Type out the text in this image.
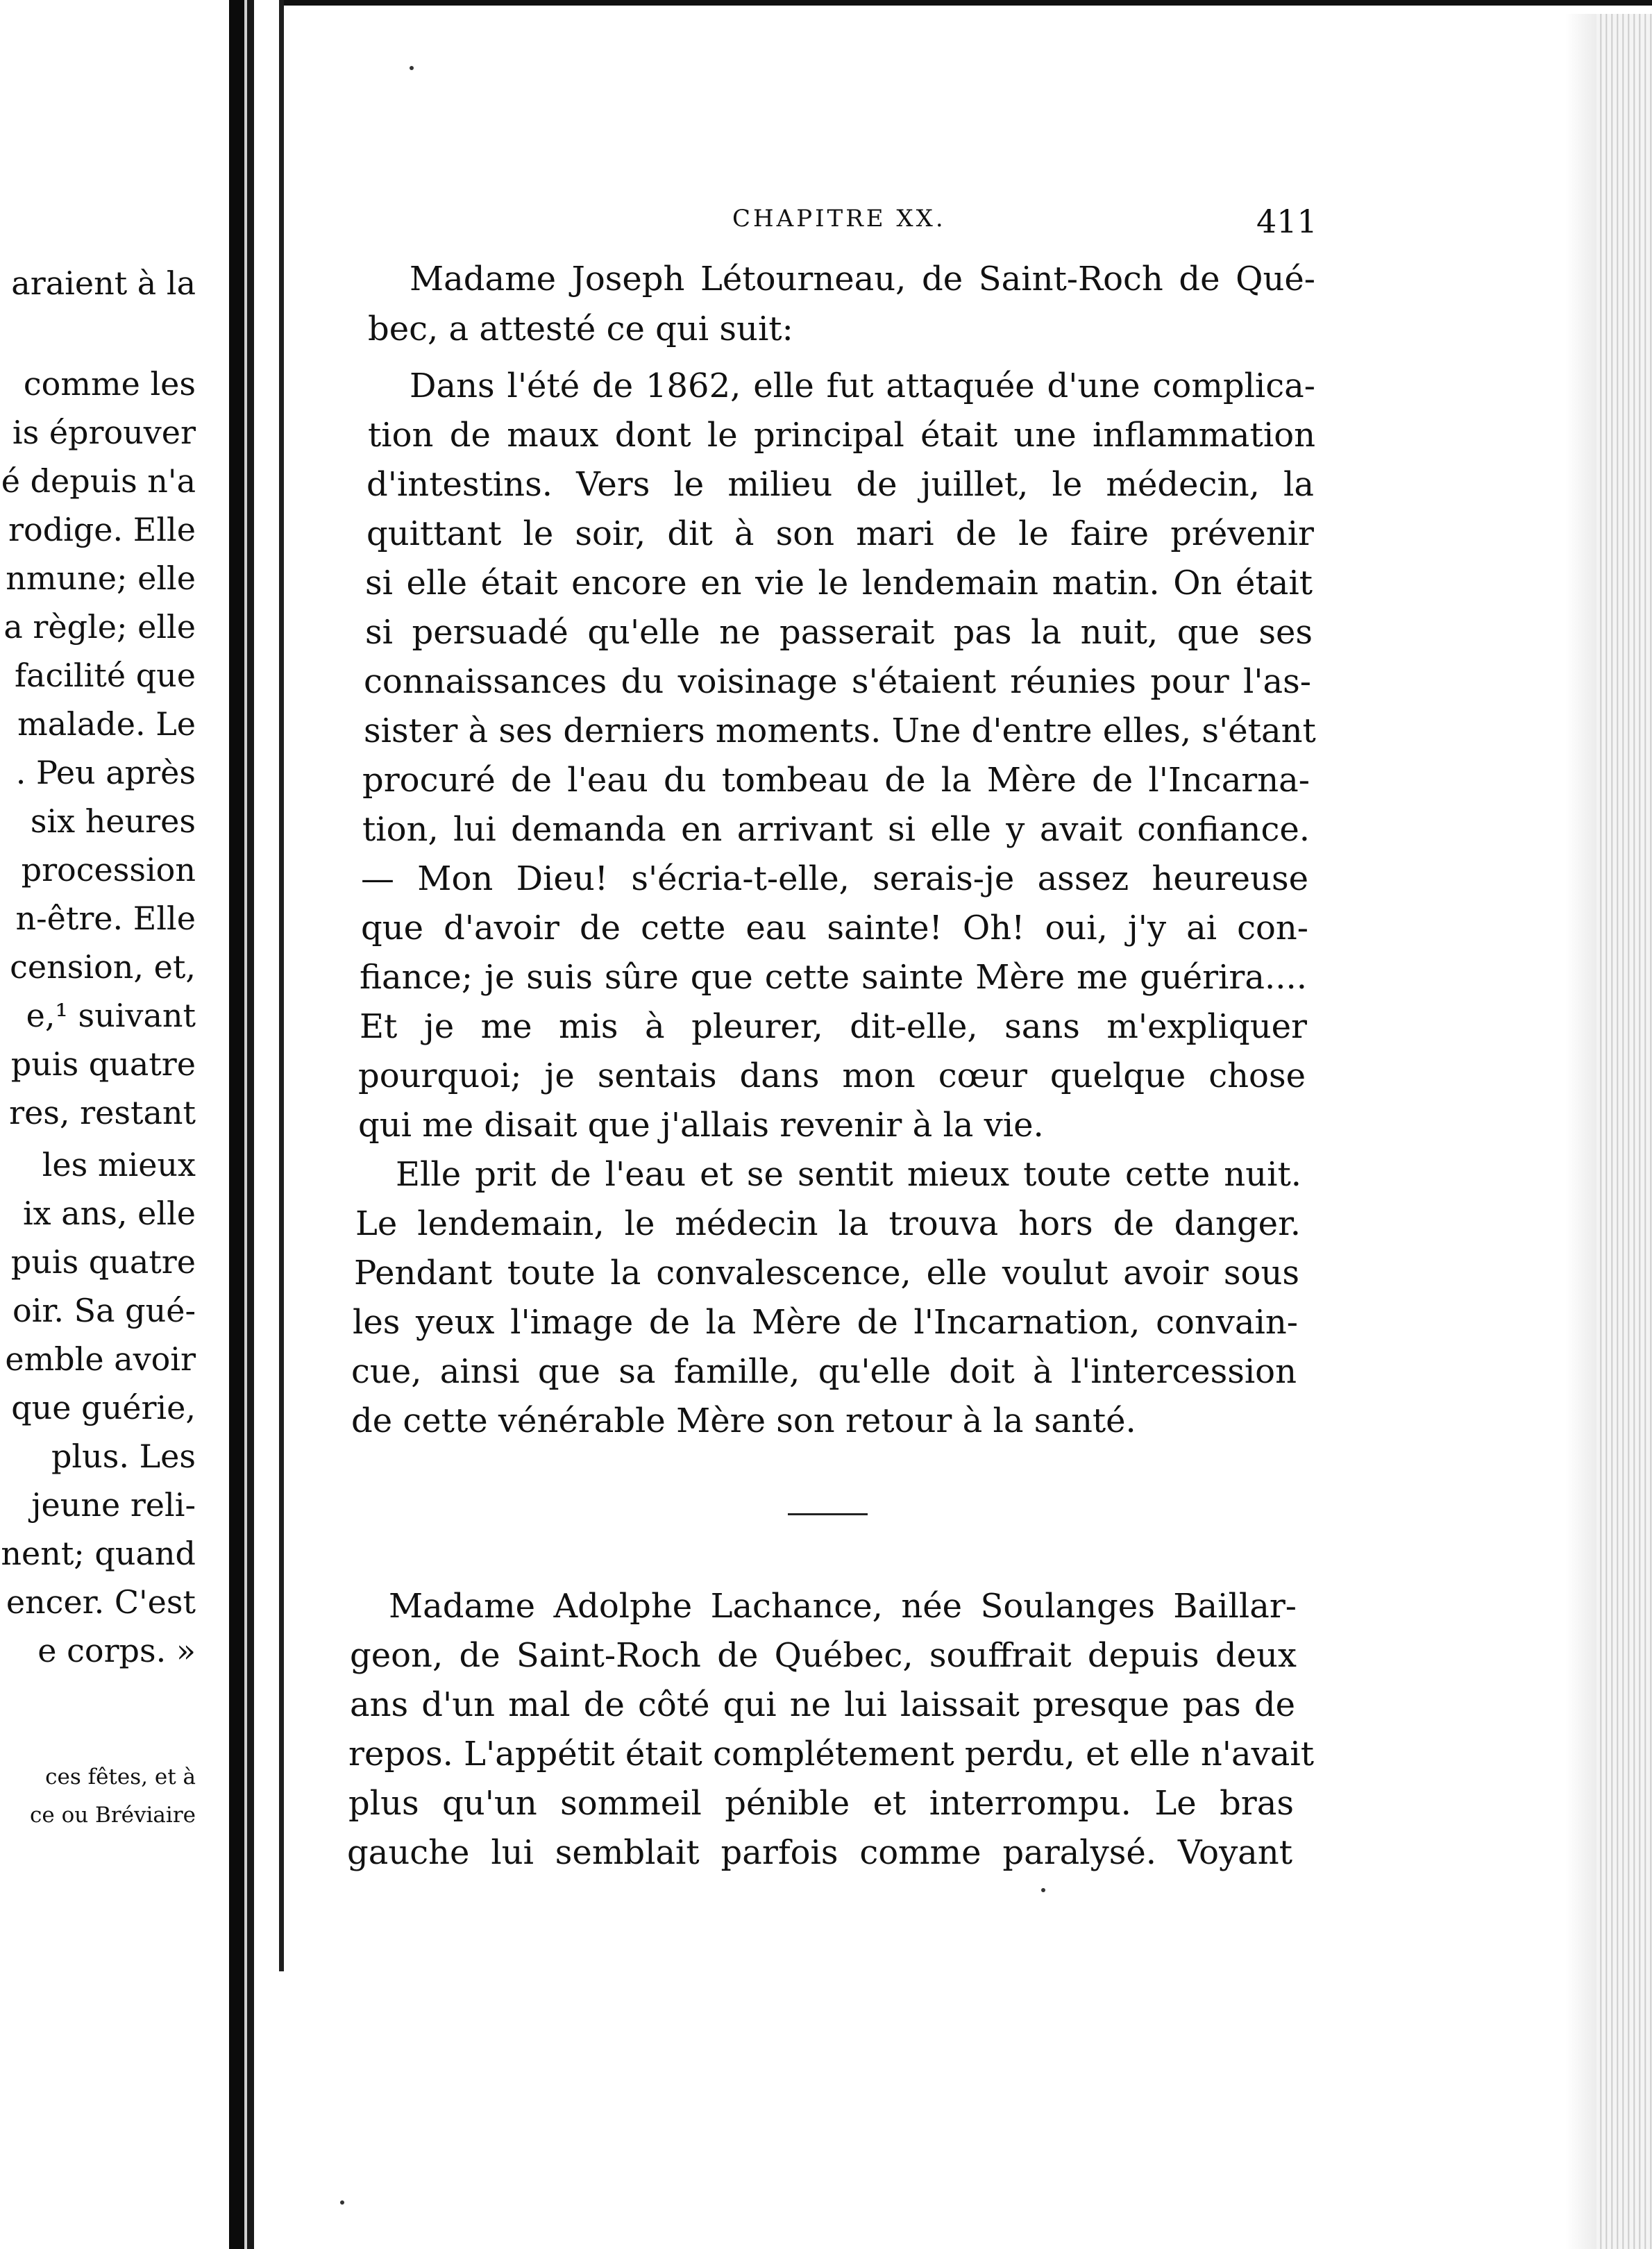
araient à la
comme les
is éprouver
é depuis n'a
rodige. Elle
nmune; elle
a règle; elle
facilité que
malade. Le
. Peu après
six heures
procession
n-être. Elle
cension, et,
e,¹ suivant
puis quatre
res, restant
les mieux
ix ans, elle
puis quatre
oir. Sa gué-
emble avoir
que guérie,
plus. Les
jeune reli-
nent; quand
encer. C'est
e corps. »
ces fêtes, et à
ce ou Bréviaire
CHAPITRE XX.	411
Madame Joseph Létourneau, de Saint-Roch de Qué-
bec, a attesté ce qui suit:
Dans l'été de 1862, elle fut attaquée d'une complica-
tion de maux dont le principal était une inflammation
d'intestins. Vers le milieu de juillet, le médecin, la
quittant le soir, dit à son mari de le faire prévenir
si elle était encore en vie le lendemain matin. On était
si persuadé qu'elle ne passerait pas la nuit, que ses
connaissances du voisinage s'étaient réunies pour l'as-
sister à ses derniers moments. Une d'entre elles, s'étant
procuré de l'eau du tombeau de la Mère de l'Incarna-
tion, lui demanda en arrivant si elle y avait confiance.
— Mon Dieu! s'écria-t-elle, serais-je assez heureuse
que d'avoir de cette eau sainte! Oh! oui, j'y ai con-
fiance; je suis sûre que cette sainte Mère me guérira....
Et je me mis à pleurer, dit-elle, sans m'expliquer
pourquoi; je sentais dans mon cœur quelque chose
qui me disait que j'allais revenir à la vie.
Elle prit de l'eau et se sentit mieux toute cette nuit.
Le lendemain, le médecin la trouva hors de danger.
Pendant toute la convalescence, elle voulut avoir sous
les yeux l'image de la Mère de l'Incarnation, convain-
cue, ainsi que sa famille, qu'elle doit à l'intercession
de cette vénérable Mère son retour à la santé.
Madame Adolphe Lachance, née Soulanges Baillar-
geon, de Saint-Roch de Québec, souffrait depuis deux
ans d'un mal de côté qui ne lui laissait presque pas de
repos. L'appétit était complétement perdu, et elle n'avait
plus qu'un sommeil pénible et interrompu. Le bras
gauche lui semblait parfois comme paralysé. Voyant
